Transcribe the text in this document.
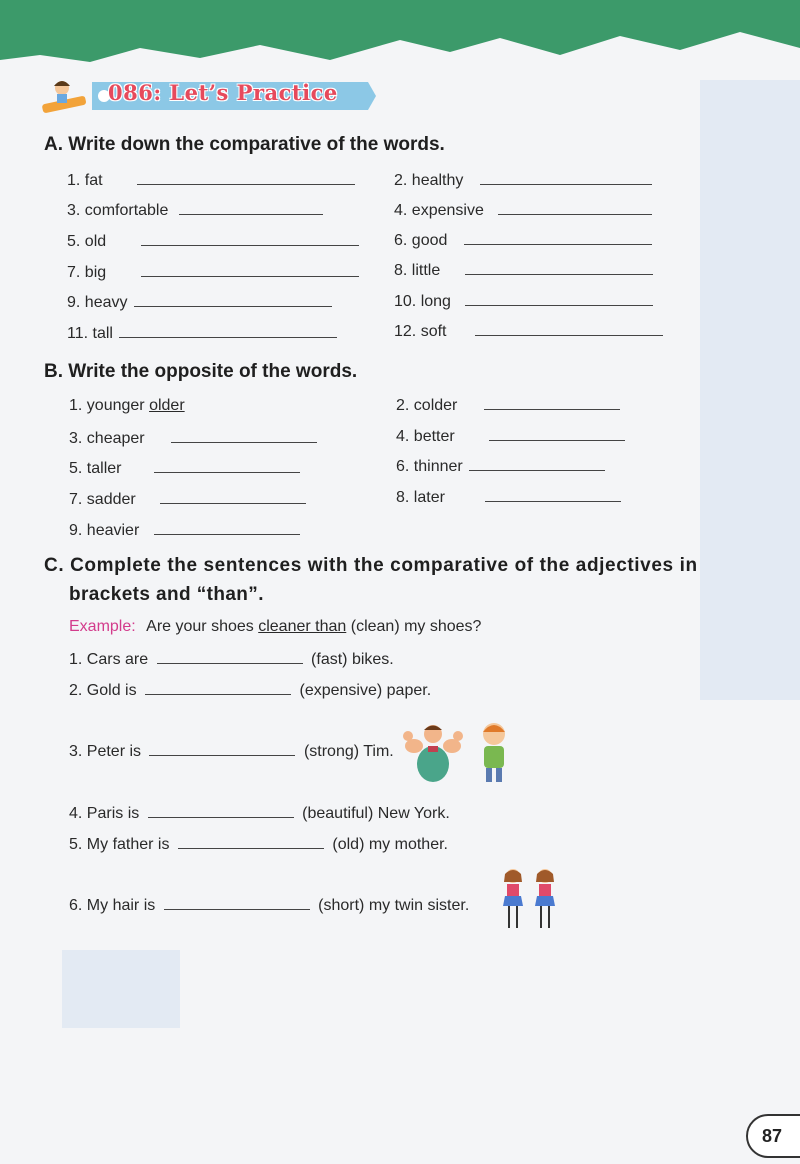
086: Let’s Practice
A. Write down the comparative of the words.
1. fat	2. healthy
3. comfortable	4. expensive
5. old	6. good
7. big	8. little
9. heavy	10. long
11. tall	12. soft
B. Write the opposite of the words.
1. younger older	2. colder
3. cheaper	4. better
5. taller	6. thinner
7. sadder	8. later
9. heavier
C. Complete the sentences with the comparative of the adjectives in
brackets and “than”.
Example: Are your shoes cleaner than (clean) my shoes?
1. Cars are	(fast) bikes.
2. Gold is	(expensive) paper.
3. Peter is	(strong) Tim.
4. Paris is	(beautiful) New York.
5. My father is	(old) my mother.
6. My hair is	(short) my twin sister.
87
